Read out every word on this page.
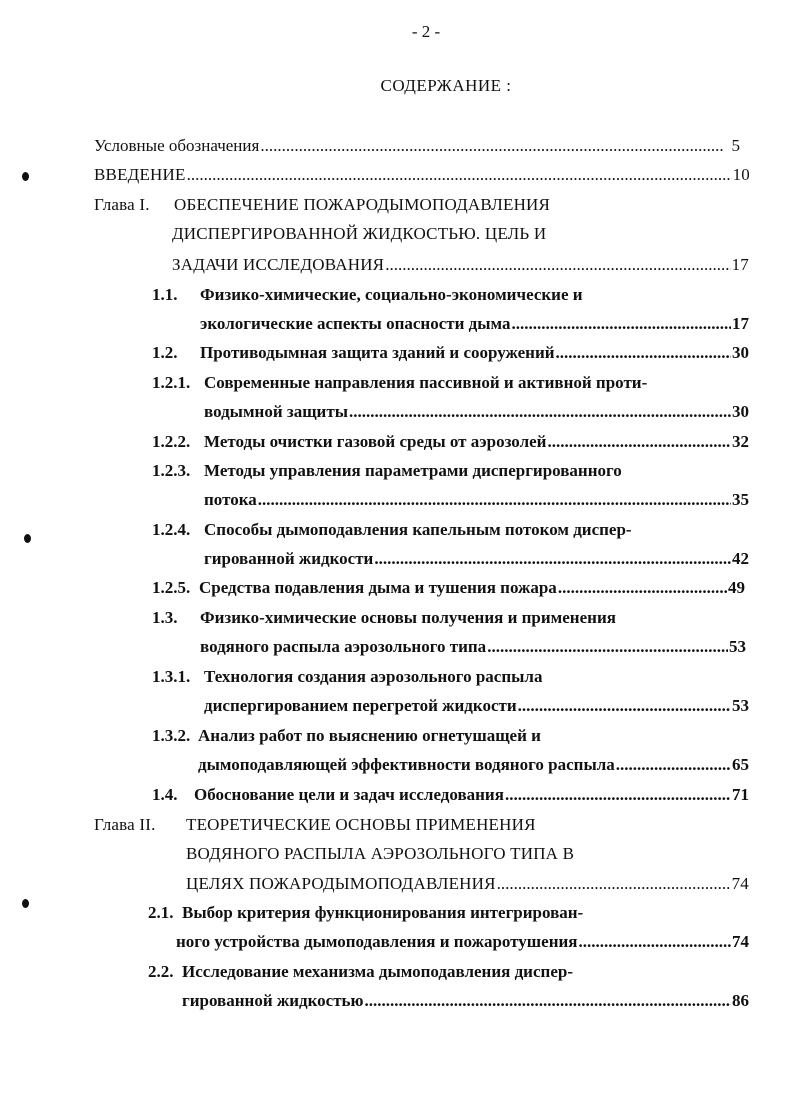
- 2 -
СОДЕРЖАНИЕ :
Условные обозначения .....	5
ВВЕДЕНИЕ .....	10
Глава I.	ОБЕСПЕЧЕНИЕ ПОЖАРОДЫМОПОДАВЛЕНИЯ
ДИСПЕРГИРОВАННОЙ ЖИДКОСТЬЮ. ЦЕЛЬ И
ЗАДАЧИ ИССЛЕДОВАНИЯ .....	17
1.1.	Физико-химические, социально-экономические и
экологические аспекты опасности дыма .....	17
1.2.	Противодымная защита зданий и сооружений .....	30
1.2.1. Современные направления пассивной и активной проти-
водымной защиты .....	30
1.2.2. Методы очистки газовой среды от аэрозолей .....	32
1.2.3. Методы управления параметрами диспергированного
потока .....	35
1.2.4. Способы дымоподавления капельным потоком диспер-
гированной жидкости .....	42
1.2.5. Средства подавления дыма и тушения пожара .....	49
1.3.	Физико-химические основы получения и применения
водяного распыла аэрозольного типа .....	53
1.3.1. Технология создания аэрозольного распыла
диспергированием перегретой жидкости .....	53
1.3.2. Анализ работ по выяснению огнетушащей и
дымоподавляющей эффективности водяного распыла .....	65
1.4. Обоснование цели и задач исследования .....	71
Глава II.	ТЕОРЕТИЧЕСКИЕ ОСНОВЫ ПРИМЕНЕНИЯ
ВОДЯНОГО РАСПЫЛА АЭРОЗОЛЬНОГО ТИПА В
ЦЕЛЯХ ПОЖАРОДЫМОПОДАВЛЕНИЯ .....	74
2.1. Выбор критерия функционирования интегрирован-
ного устройства дымоподавления и пожаротушения .....	74
2.2. Исследование механизма дымоподавления диспер-
гированной жидкостью .....	86
